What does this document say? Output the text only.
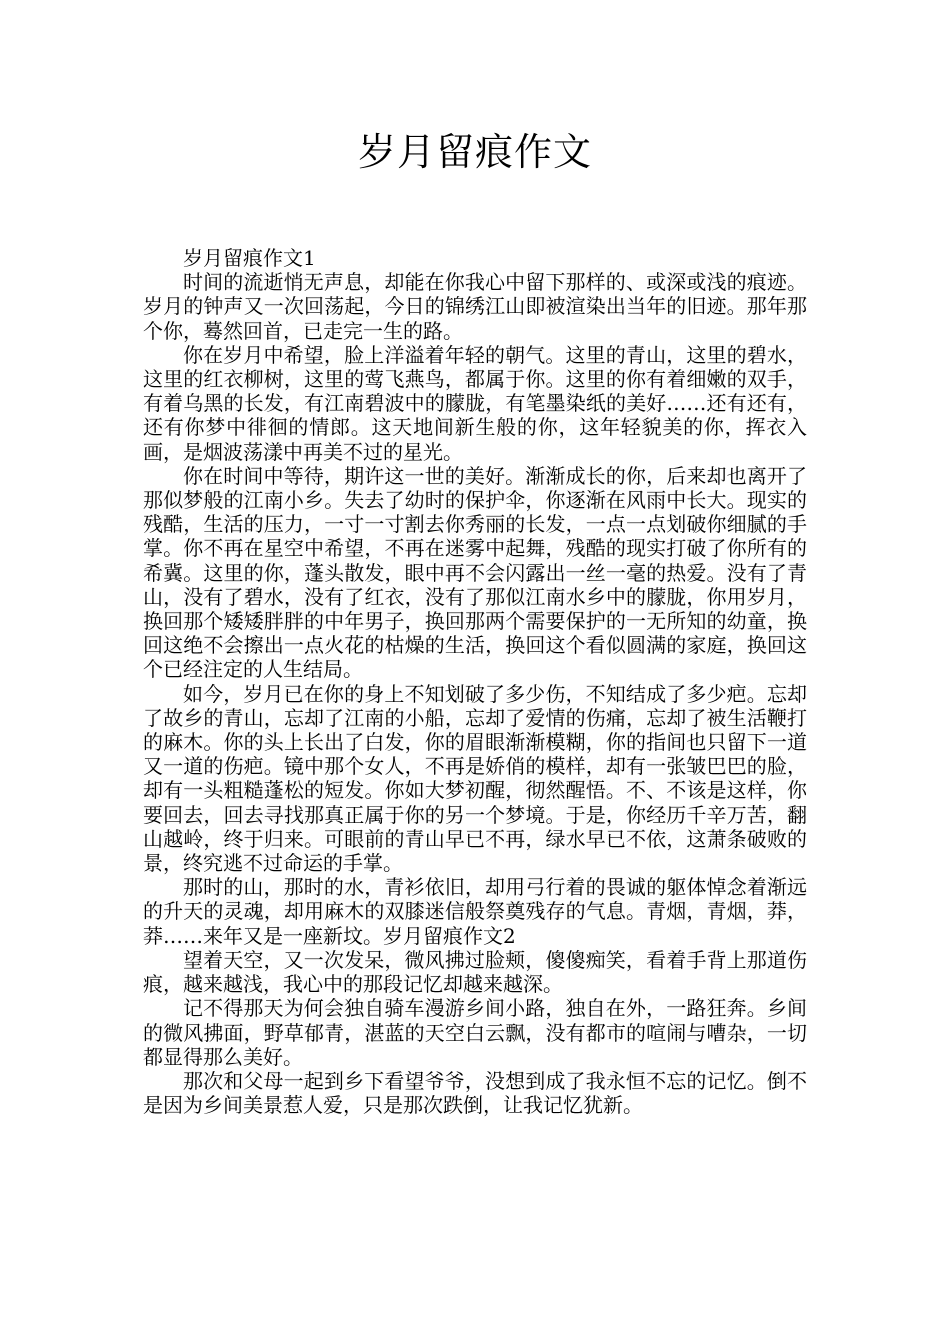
岁月留痕作文

岁月留痕作文1

时间的流逝悄无声息，却能在你我心中留下那样的、或深或浅的痕迹。岁月的钟声又一次回荡起，今日的锦绣江山即被渲染出当年的旧迹。那年那个你，蓦然回首，已走完一生的路。

你在岁月中希望，脸上洋溢着年轻的朝气。这里的青山，这里的碧水，这里的红衣柳树，这里的莺飞燕鸟，都属于你。这里的你有着细嫩的双手，有着乌黑的长发，有江南碧波中的朦胧，有笔墨染纸的美好……还有还有，还有你梦中徘徊的情郎。这天地间新生般的你，这年轻貌美的你，挥衣入画，是烟波荡漾中再美不过的星光。

你在时间中等待，期许这一世的美好。渐渐成长的你，后来却也离开了那似梦般的江南小乡。失去了幼时的保护伞，你逐渐在风雨中长大。现实的残酷，生活的压力，一寸一寸割去你秀丽的长发，一点一点划破你细腻的手掌。你不再在星空中希望，不再在迷雾中起舞，残酷的现实打破了你所有的希冀。这里的你，蓬头散发，眼中再不会闪露出一丝一毫的热爱。没有了青山，没有了碧水，没有了红衣，没有了那似江南水乡中的朦胧，你用岁月，换回那个矮矮胖胖的中年男子，换回那两个需要保护的一无所知的幼童，换回这绝不会擦出一点火花的枯燥的生活，换回这个看似圆满的家庭，换回这个已经注定的人生结局。

如今，岁月已在你的身上不知划破了多少伤，不知结成了多少疤。忘却了故乡的青山，忘却了江南的小船，忘却了爱情的伤痛，忘却了被生活鞭打的麻木。你的头上长出了白发，你的眉眼渐渐模糊，你的指间也只留下一道又一道的伤疤。镜中那个女人，不再是娇俏的模样，却有一张皱巴巴的脸，却有一头粗糙蓬松的短发。你如大梦初醒，彻然醒悟。不、不该是这样，你要回去，回去寻找那真正属于你的另一个梦境。于是，你经历千辛万苦，翻山越岭，终于归来。可眼前的青山早已不再，绿水早已不依，这萧条破败的景，终究逃不过命运的手掌。

那时的山，那时的水，青衫依旧，却用弓行着的畏诚的躯体悼念着渐远的升天的灵魂，却用麻木的双膝迷信般祭奠残存的气息。青烟，青烟，莽，莽……来年又是一座新坟。岁月留痕作文2

望着天空，又一次发呆，微风拂过脸颊，傻傻痴笑，看着手背上那道伤痕，越来越浅，我心中的那段记忆却越来越深。

记不得那天为何会独自骑车漫游乡间小路，独自在外，一路狂奔。乡间的微风拂面，野草郁青，湛蓝的天空白云飘，没有都市的喧闹与嘈杂，一切都显得那么美好。

那次和父母一起到乡下看望爷爷，没想到成了我永恒不忘的记忆。倒不是因为乡间美景惹人爱，只是那次跌倒，让我记忆犹新。
